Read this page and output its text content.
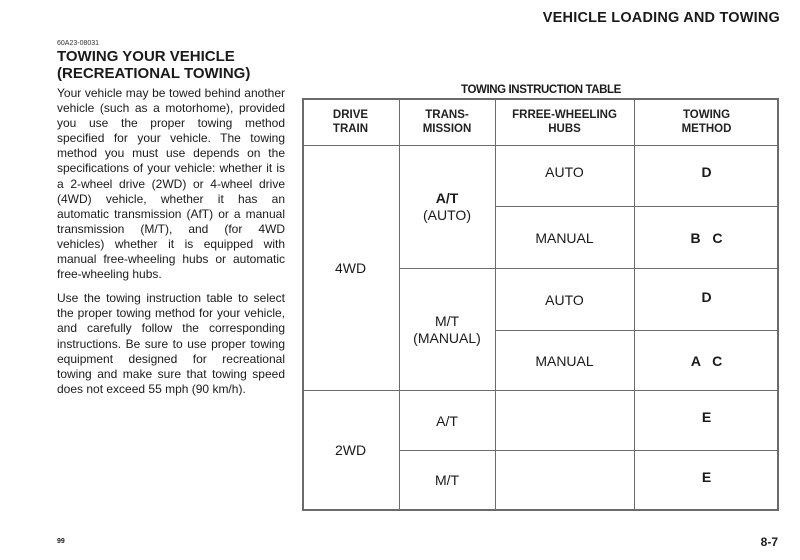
VEHICLE LOADING AND TOWING
60A23-08031
TOWING YOUR VEHICLE
(RECREATIONAL TOWING)
Your vehicle may be towed behind another vehicle (such as a motorhome), provided you use the proper towing method specified for your vehicle. The towing method you must use depends on the specifications of your vehicle: whether it is a 2-wheel drive (2WD) or 4-wheel drive (4WD) vehicle, whether it has an automatic transmission (AfT) or a manual transmission (M/T), and (for 4WD vehicles) whether it is equipped with manual free-wheeling hubs or automatic free-wheeling hubs.
Use the towing instruction table to select the proper towing method for your vehicle, and carefully follow the corresponding instructions. Be sure to use proper towing equipment designed for recreational towing and make sure that towing speed does not exceed 55 mph (90 km/h).
TOWING INSTRUCTION TABLE
DRIVE
TRAIN
TRANS-
MISSION
FRREE-WHEELING
HUBS
TOWING
METHOD
4WD
2WD
A/T
(AUTO)
M/T
(MANUAL)
A/T
M/T
AUTO
MANUAL
AUTO
MANUAL
D
B   C
D
A   C
E
E
99	8-7
